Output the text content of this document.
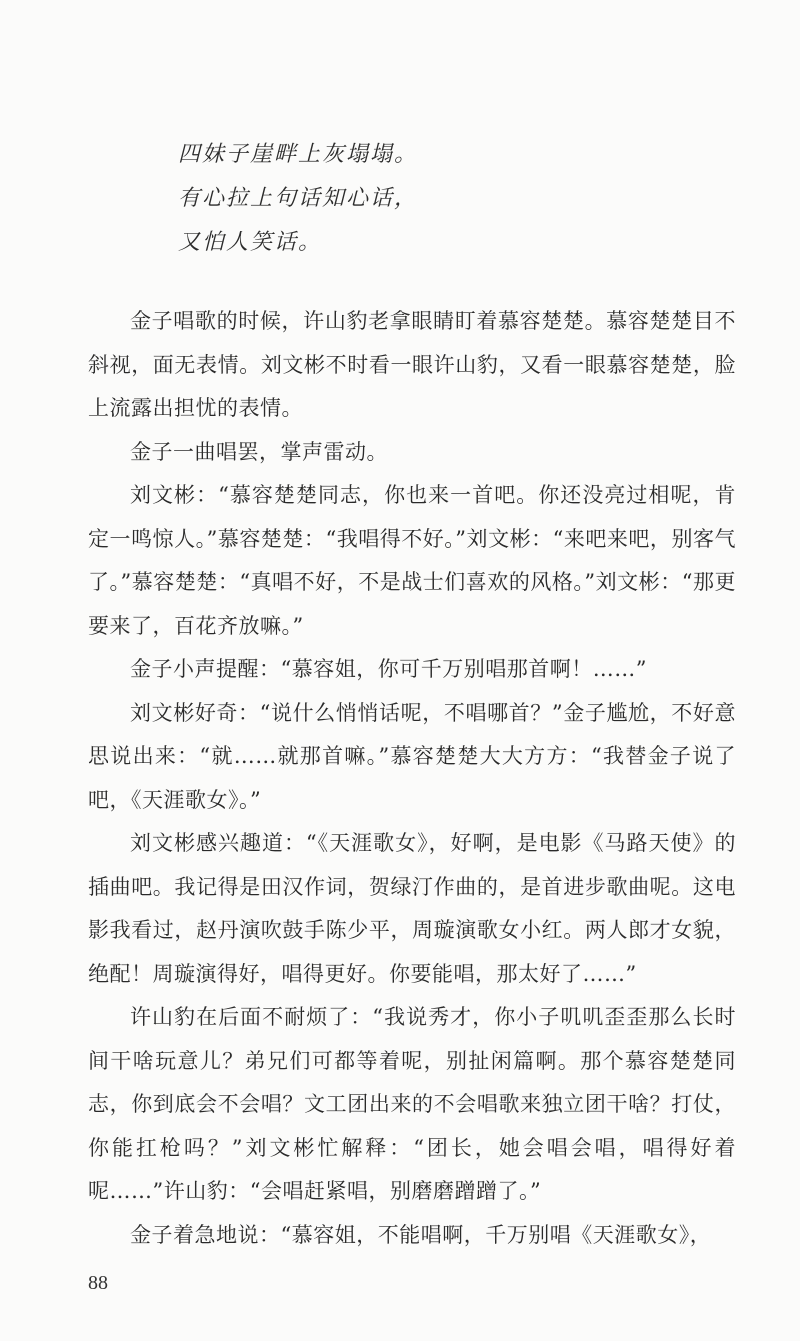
四妹子崖畔上灰塌塌。
有心拉上句话知心话，
又怕人笑话。

金子唱歌的时候，许山豹老拿眼睛盯着慕容楚楚。慕容楚楚目不斜视，面无表情。刘文彬不时看一眼许山豹，又看一眼慕容楚楚，脸上流露出担忧的表情。

金子一曲唱罢，掌声雷动。

刘文彬：“慕容楚楚同志，你也来一首吧。你还没亮过相呢，肯定一鸣惊人。”慕容楚楚：“我唱得不好。”刘文彬：“来吧来吧，别客气了。”慕容楚楚：“真唱不好，不是战士们喜欢的风格。”刘文彬：“那更要来了，百花齐放嘛。”

金子小声提醒：“慕容姐，你可千万别唱那首啊！……”

刘文彬好奇：“说什么悄悄话呢，不唱哪首？”金子尴尬，不好意思说出来：“就……就那首嘛。”慕容楚楚大大方方：“我替金子说了吧，《天涯歌女》。”

刘文彬感兴趣道：“《天涯歌女》，好啊，是电影《马路天使》的插曲吧。我记得是田汉作词，贺绿汀作曲的，是首进步歌曲呢。这电影我看过，赵丹演吹鼓手陈少平，周璇演歌女小红。两人郎才女貌，绝配！周璇演得好，唱得更好。你要能唱，那太好了……”

许山豹在后面不耐烦了：“我说秀才，你小子叽叽歪歪那么长时间干啥玩意儿？弟兄们可都等着呢，别扯闲篇啊。那个慕容楚楚同志，你到底会不会唱？文工团出来的不会唱歌来独立团干啥？打仗，你能扛枪吗？”刘文彬忙解释：“团长，她会唱会唱，唱得好着呢……”许山豹：“会唱赶紧唱，别磨磨蹭蹭了。”

金子着急地说：“慕容姐，不能唱啊，千万别唱《天涯歌女》，

88
